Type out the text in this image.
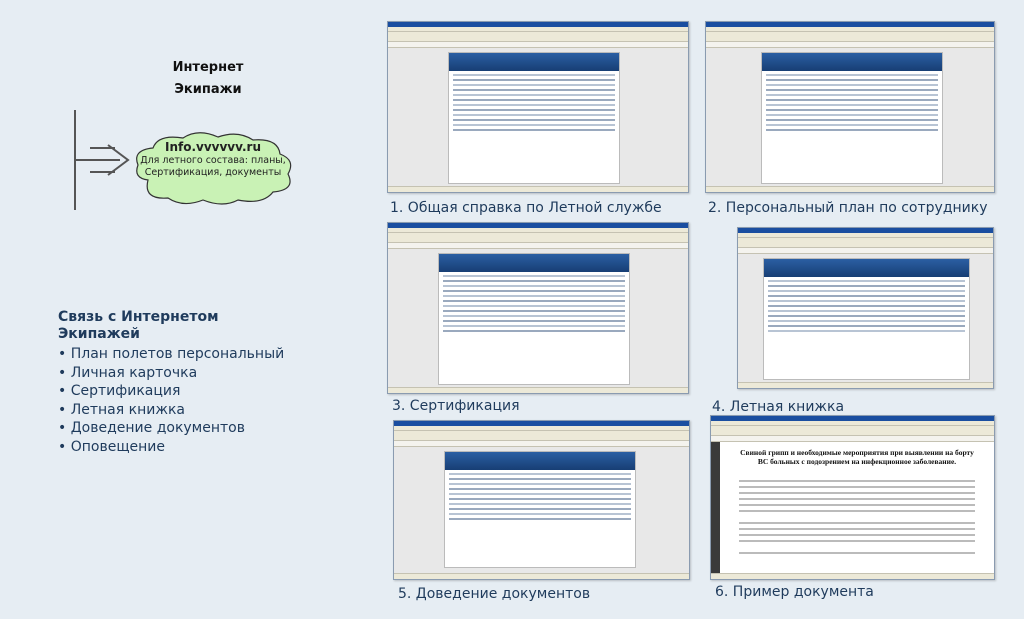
Интернет
Экипажи
Info.vvvvvv.ru
Для летного состава: планы,
Сертификация, документы
Связь с Интернетом
Экипажей
• План полетов персональный
• Личная карточка
• Сертификация
• Летная книжка
• Доведение документов
• Оповещение
1. Общая справка по Летной службе	2. Персональный план по сотруднику
3. Сертификация	4. Летная книжка
5. Доведение документов
Свиной грипп и необходимые мероприятия при выявлении на борту ВС больных с подозрением на инфекционное заболевание.
6. Пример документа
